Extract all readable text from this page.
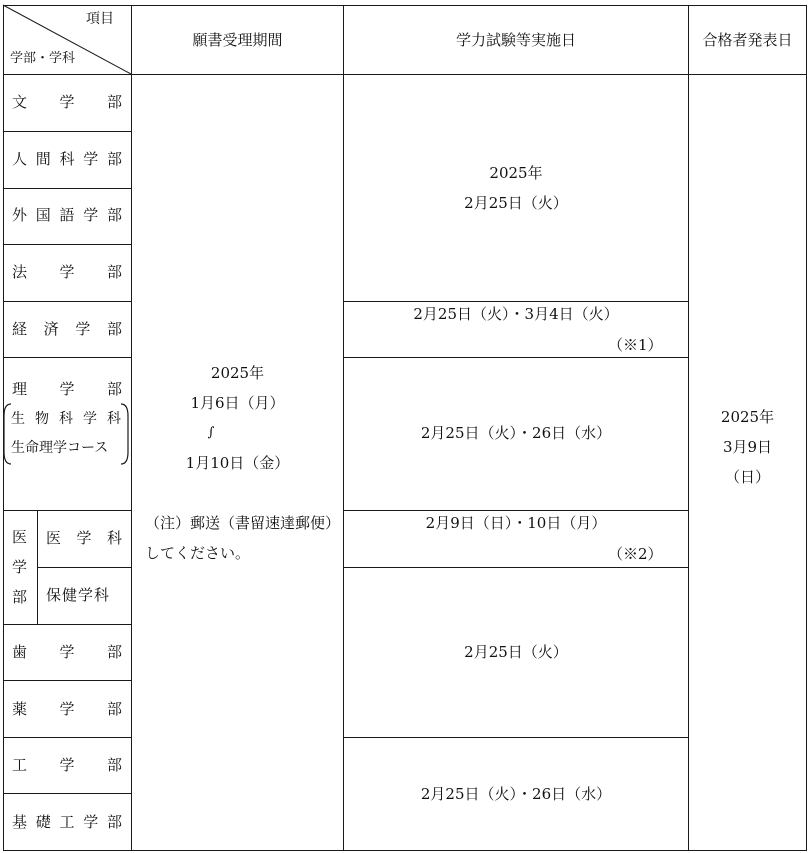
項目
学部・学科
願書受理期間	学力試験等実施日	合格者発表日
文 学 部
人 間 科 学 部
外 国 語 学 部
法 学 部
経 済 学 部
理 学 部
生 物 科 学 科
生命理学コース
医
学
部
医 学 科
保健学科
歯 学 部
薬 学 部
工 学 部
基 礎 工 学 部
2025年
1月6日（月）
∫
1月10日（金）
（注）郵送（書留速達郵便）
してください。
2025年
2月25日（火）
2月25日（火）・3月4日（火）
（※1）
2月25日（火）・26日（水）
2月9日（日）・10日（月）
（※2）
2月25日（火）
2月25日（火）・26日（水）
2025年
3月9日
（日）
